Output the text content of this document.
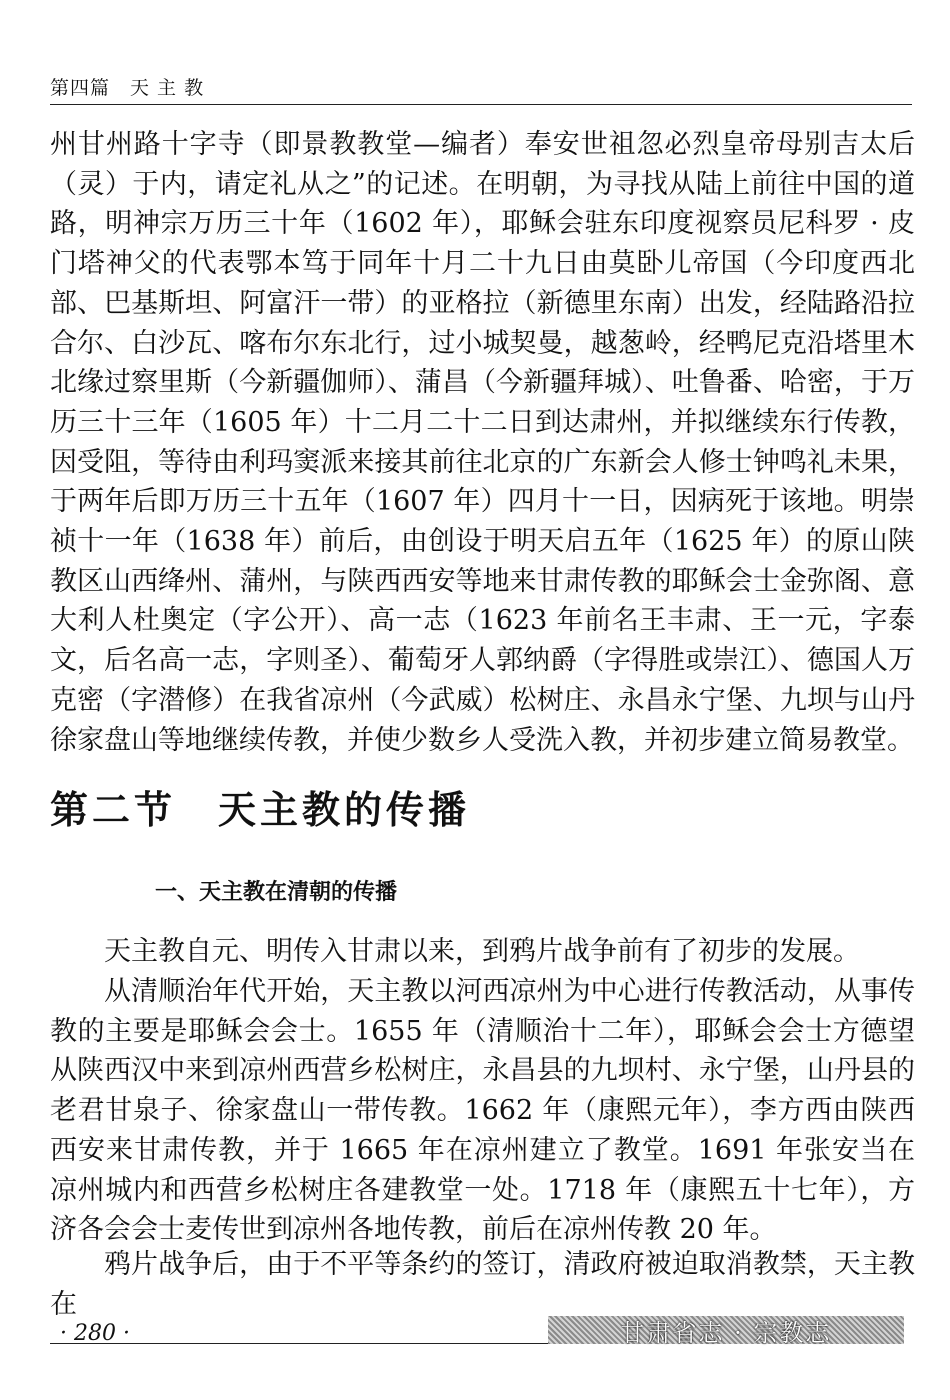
第四篇　天 主 教

州甘州路十字寺（即景教教堂—编者）奉安世祖忽必烈皇帝母别吉太后（灵）于内，请定礼从之”的记述。在明朝，为寻找从陆上前往中国的道路，明神宗万历三十年（1602 年），耶稣会驻东印度视察员尼科罗 · 皮门塔神父的代表鄂本笃于同年十月二十九日由莫卧儿帝国（今印度西北部、巴基斯坦、阿富汗一带）的亚格拉（新德里东南）出发，经陆路沿拉合尔、白沙瓦、喀布尔东北行，过小城契曼，越葱岭，经鸭尼克沿塔里木北缘过察里斯（今新疆伽师）、蒲昌（今新疆拜城）、吐鲁番、哈密，于万历三十三年（1605 年）十二月二十二日到达肃州，并拟继续东行传教，因受阻，等待由利玛窦派来接其前往北京的广东新会人修士钟鸣礼未果，于两年后即万历三十五年（1607 年）四月十一日，因病死于该地。明崇祯十一年（1638 年）前后，由创设于明天启五年（1625 年）的原山陕教区山西绛州、蒲州，与陕西西安等地来甘肃传教的耶稣会士金弥阁、意大利人杜奥定（字公开）、高一志（1623 年前名王丰肃、王一元，字泰文，后名高一志，字则圣）、葡萄牙人郭纳爵（字得胜或崇江）、德国人万克密（字潜修）在我省凉州（今武威）松树庄、永昌永宁堡、九坝与山丹徐家盘山等地继续传教，并使少数乡人受洗入教，并初步建立简易教堂。

第二节　天主教的传播
一、天主教在清朝的传播

天主教自元、明传入甘肃以来，到鸦片战争前有了初步的发展。

从清顺治年代开始，天主教以河西凉州为中心进行传教活动，从事传教的主要是耶稣会会士。1655 年（清顺治十二年），耶稣会会士方德望从陕西汉中来到凉州西营乡松树庄，永昌县的九坝村、永宁堡，山丹县的老君甘泉子、徐家盘山一带传教。1662 年（康熙元年），李方西由陕西西安来甘肃传教，并于 1665 年在凉州建立了教堂。1691 年张安当在凉州城内和西营乡松树庄各建教堂一处。1718 年（康熙五十七年），方济各会会士麦传世到凉州各地传教，前后在凉州传教 20 年。

鸦片战争后，由于不平等条约的签订，清政府被迫取消教禁，天主教在

· 280 ·	甘肃省志 · 宗教志
